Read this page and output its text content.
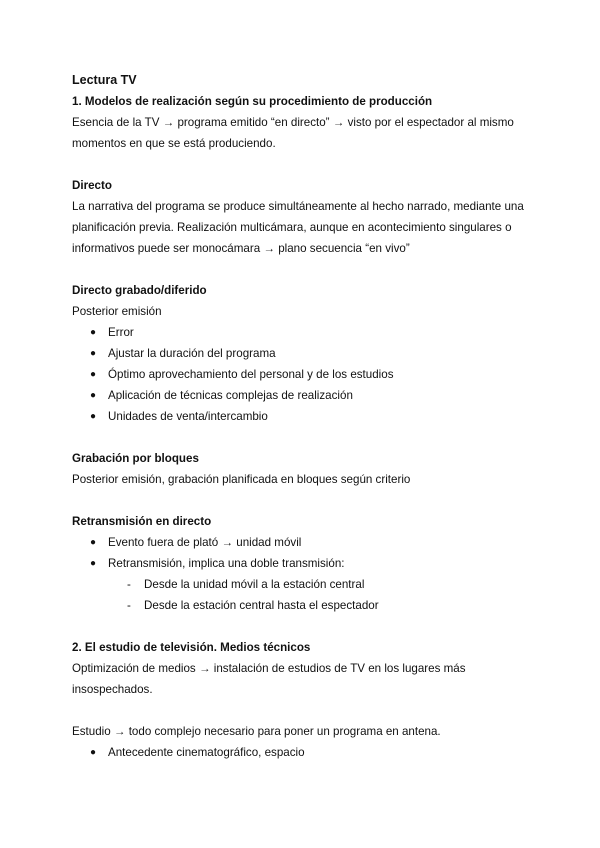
Lectura TV
1. Modelos de realización según su procedimiento de producción
Esencia de la TV → programa emitido “en directo” → visto por el espectador al mismo
momentos en que se está produciendo.
Directo
La narrativa del programa se produce simultáneamente al hecho narrado, mediante una
planificación previa. Realización multicámara, aunque en acontecimiento singulares o
informativos puede ser monocámara → plano secuencia “en vivo”
Directo grabado/diferido
Posterior emisión
● Error
● Ajustar la duración del programa
● Óptimo aprovechamiento del personal y de los estudios
● Aplicación de técnicas complejas de realización
● Unidades de venta/intercambio
Grabación por bloques
Posterior emisión, grabación planificada en bloques según criterio
Retransmisión en directo
● Evento fuera de plató → unidad móvil
● Retransmisión, implica una doble transmisión:
- Desde la unidad móvil a la estación central
- Desde la estación central hasta el espectador
2. El estudio de televisión. Medios técnicos
Optimización de medios → instalación de estudios de TV en los lugares más
insospechados.
Estudio → todo complejo necesario para poner un programa en antena.
● Antecedente cinematográfico, espacio
